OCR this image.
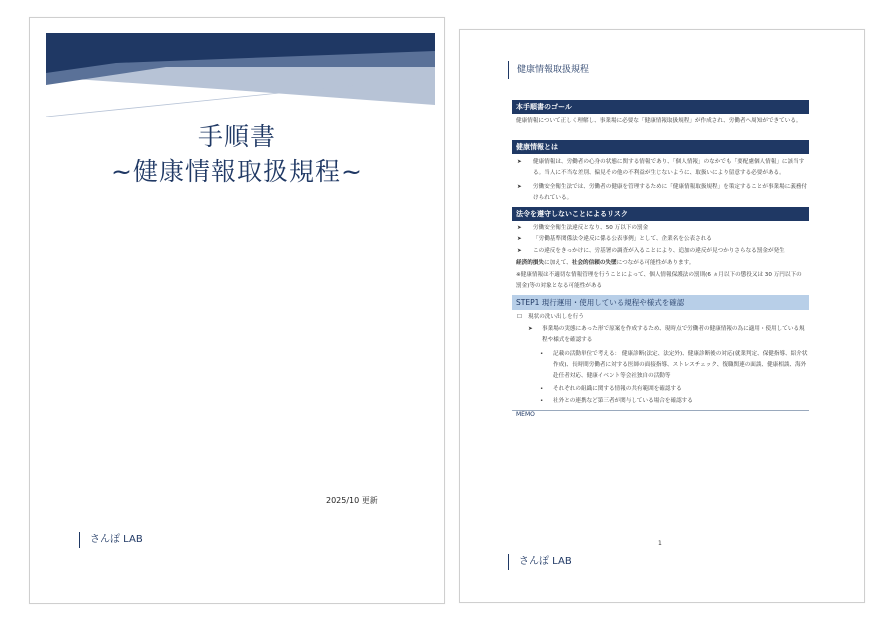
手順書
~健康情報取扱規程~
2025/10 更新
さんぽ LAB
健康情報取扱規程
本手順書のゴール
健康情報について正しく理解し、事業場に必要な「健康情報取扱規程」が作成され、労働者へ周知ができている。
健康情報とは
➤ 健康情報は、労働者の心身の状態に関する情報であり、「個人情報」のなかでも「要配慮個人情報」に該当する。当人に不当な差別、偏見その他の不利益が生じないように、取扱いにより留意する必要がある。
➤ 労働安全衛生法では、労働者の健康を管理するために「健康情報取扱規程」を策定することが事業場に義務付けられている。
法令を遵守しないことによるリスク
➤ 労働安全衛生法違反となり、50 万以下の罰金
➤ 「労働基準関係法令違反に係る公表事例」として、企業名を公表される
➤ この違反をきっかけに、労基署の調査が入ることにより、追加の違反が見つかりさらなる罰金が発生
経済的損失に加えて、社会的信頼の失墜につながる可能性があります。
※健康情報は不適切な情報管理を行うことによって、個人情報保護法の罰則(6 ヵ月以下の懲役又は 30 万円以下の罰金)等の対象となる可能性がある
STEP1 現行運用・使用している規程や様式を確認
☐ 現状の洗い出しを行う
➤ 事業場の実態にあった形で原案を作成するため、現時点で労働者の健康情報の為に適用・使用している規程や様式を確認する
• 記載の活動単位で考える： 健康診断(法定、法定外)、健康診断後の対応(就業判定、保健指導、紹介状作成)、長時間労働者に対する医師の面接指導、ストレスチェック、復職関連の面談、健康相談、海外赴任者対応、健康イベント等会社独自の活動等
• それぞれの組織に関する情報の共有範囲を確認する
• 社外との連携など第三者が関与している場合を確認する
MEMO
1
さんぽ LAB
